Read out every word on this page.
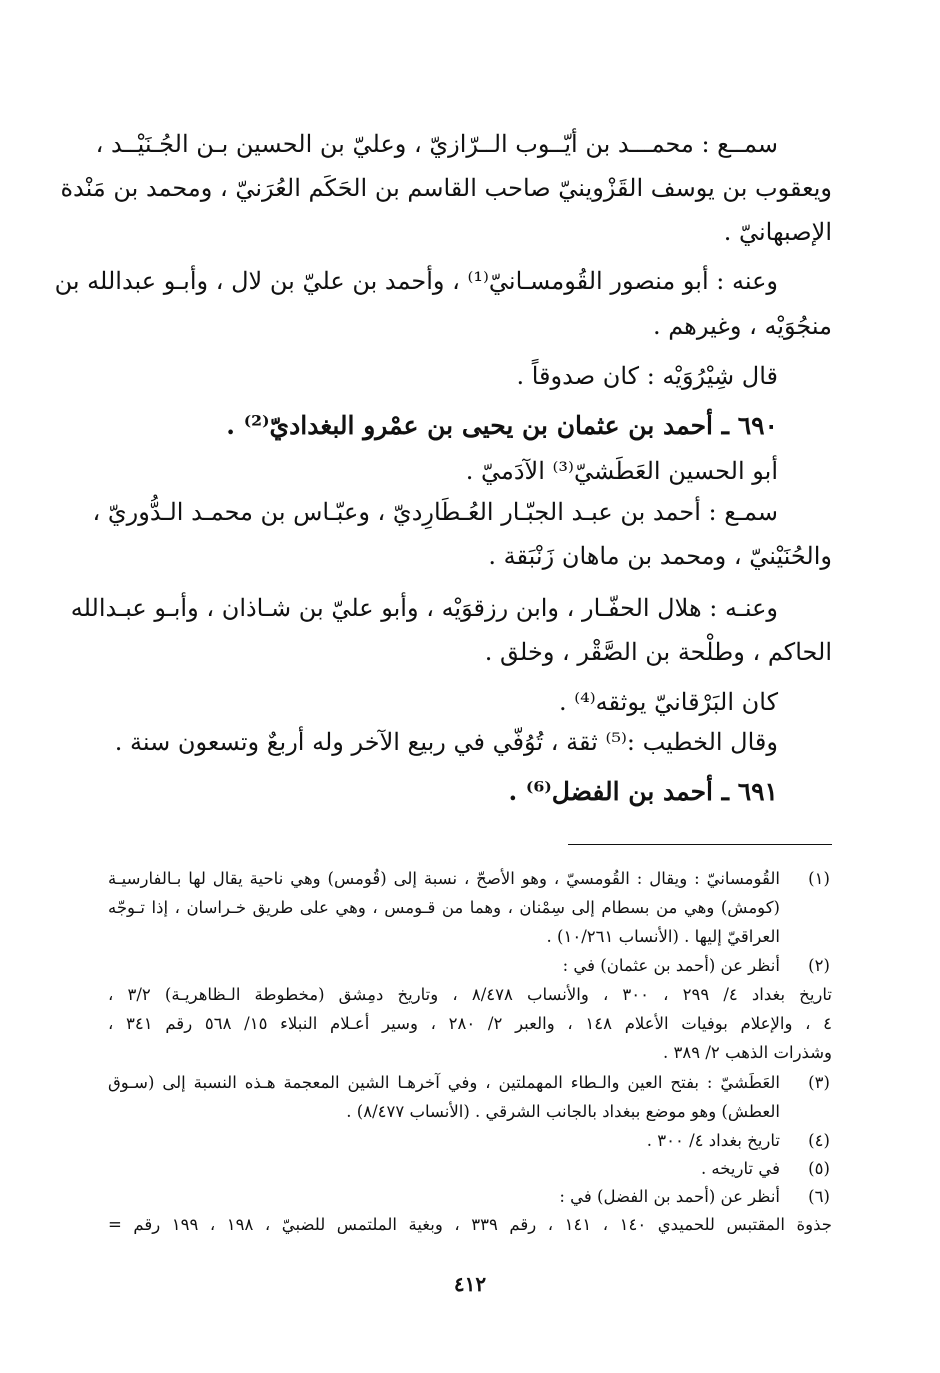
سمــع : محمـــد بن أيّــوب الــرّازيّ ، وعليّ بن الحسين بـن الجُـنَيْــد ،
ويعقوب بن يوسف القَزْوينيّ صاحب القاسم بن الحَكَم العُرَنيّ ، ومحمد بن مَنْدة
الإصبهانيّ .
وعنه : أبو منصور القُومسـانيّ⁽¹⁾ ، وأحمد بن عليّ بن لال ، وأبـو عبدالله بن
منجُوَيْه ، وغيرهم .
قال شِيْرُوَيْه : كان صدوقاً .
٦٩٠ ـ أحمد بن عثمان بن يحيى بن عمْرو البغداديّ⁽²⁾ .
أبو الحسين العَطَشيّ⁽³⁾ الآدَميّ .
سمـع : أحمد بن عبـد الجبّـار العُـطَارِديّ ، وعبّـاس بن محمـد الـدُّوريّ ،
والحُنَيْنيّ ، ومحمد بن ماهان زَنْبَقة .
وعنـه : هلال الحفّـار ، وابن رزقوَيْه ، وأبو عليّ بن شـاذان ، وأبـو عبـدالله
الحاكم ، وطلْحة بن الصَّقْر ، وخلق .
كان البَرْقانيّ يوثقه⁽⁴⁾ .
وقال الخطيب :⁽⁵⁾ ثقة ، تُوُفّي في ربيع الآخر وله أربعٌ وتسعون سنة .
٦٩١ ـ أحمد بن الفضل⁽⁶⁾ .
(١)
القُومسانيّ : ويقال : القُومسيّ ، وهو الأصحّ ، نسبة إلى (قُومس) وهي ناحية يقال لها بـالفارسيـة
(كومش) وهي من بسطام إلى سِمْنان ، وهما من قـومس ، وهي على طريق خـراسان ، إذا تـوجّه
العراقيّ إليها . (الأنساب ١٠/٢٦١) .
(٢)
أنظر عن (أحمد بن عثمان) في :
تاريخ بغداد ٤/ ٢٩٩ ، ٣٠٠ ، والأنساب ٨/٤٧٨ ، وتاريخ دمِشق (مخطوطة الـظاهريـة) ٣/٢ ،
٤ ، والإعلام بوفيات الأعلام ١٤٨ ، والعبر ٢/ ٢٨٠ ، وسير أعـلام النبلاء ١٥/ ٥٦٨ رقم ٣٤١ ،
وشذرات الذهب ٢/ ٣٨٩ .
(٣)
العَطَشيّ : بفتح العين والـطاء المهملتين ، وفي آخرهـا الشين المعجمة هـذه النسبة إلى (سـوق
العطش) وهو موضع ببغداد بالجانب الشرقي . (الأنساب ٨/٤٧٧) .
(٤)
تاريخ بغداد ٤/ ٣٠٠ .
(٥)
في تاريخه .
(٦)
أنظر عن (أحمد بن الفضل) في :
جذوة المقتبس للحميدي ١٤٠ ، ١٤١ ، رقم ٣٣٩ ، وبغية الملتمس للضبيّ ، ١٩٨ ، ١٩٩ رقم =
٤١٢
